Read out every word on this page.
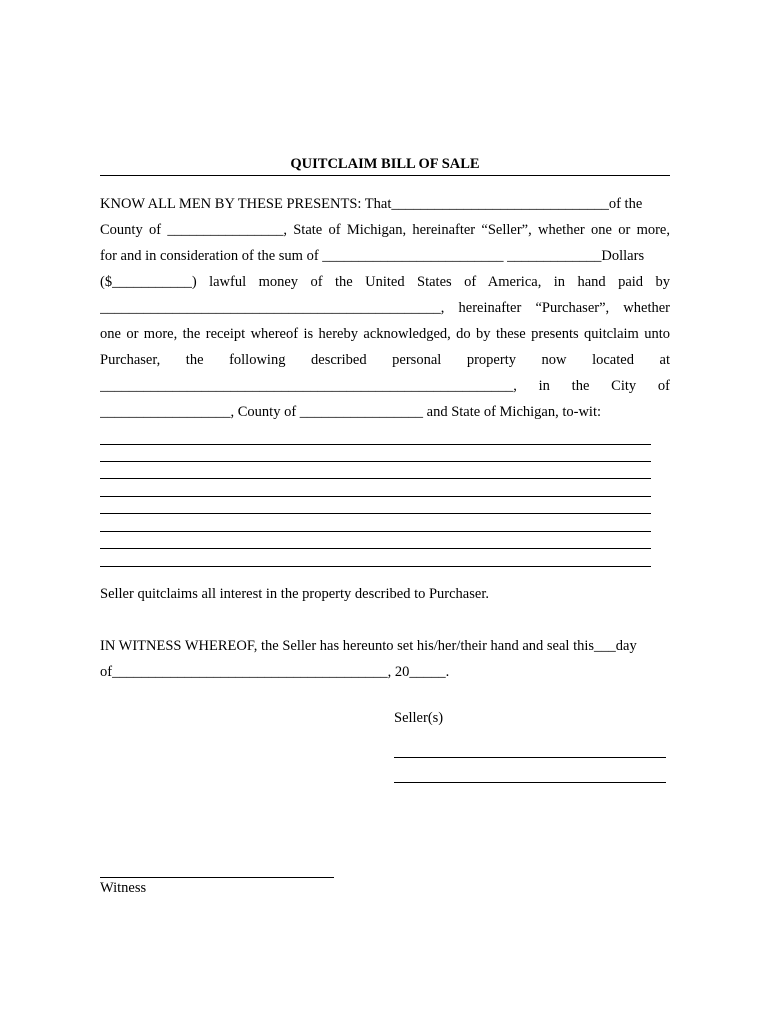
QUITCLAIM BILL OF SALE
KNOW ALL MEN BY THESE PRESENTS: That______________________________of the
County of ________________, State of Michigan, hereinafter “Seller”, whether one or more,
for and in consideration of the sum of _________________________ _____________Dollars
($___________) lawful money of the United States of America, in hand paid by
_______________________________________________, hereinafter “Purchaser”, whether
one or more, the receipt whereof is hereby acknowledged, do by these presents quitclaim unto
Purchaser, the following described personal property now located at
_________________________________________________________, in the City of
__________________, County of _________________ and State of Michigan, to-wit:
Seller quitclaims all interest in the property described to Purchaser.
IN WITNESS WHEREOF, the Seller has hereunto set his/her/their hand and seal this___day
of______________________________________, 20_____.
Seller(s)
Witness
